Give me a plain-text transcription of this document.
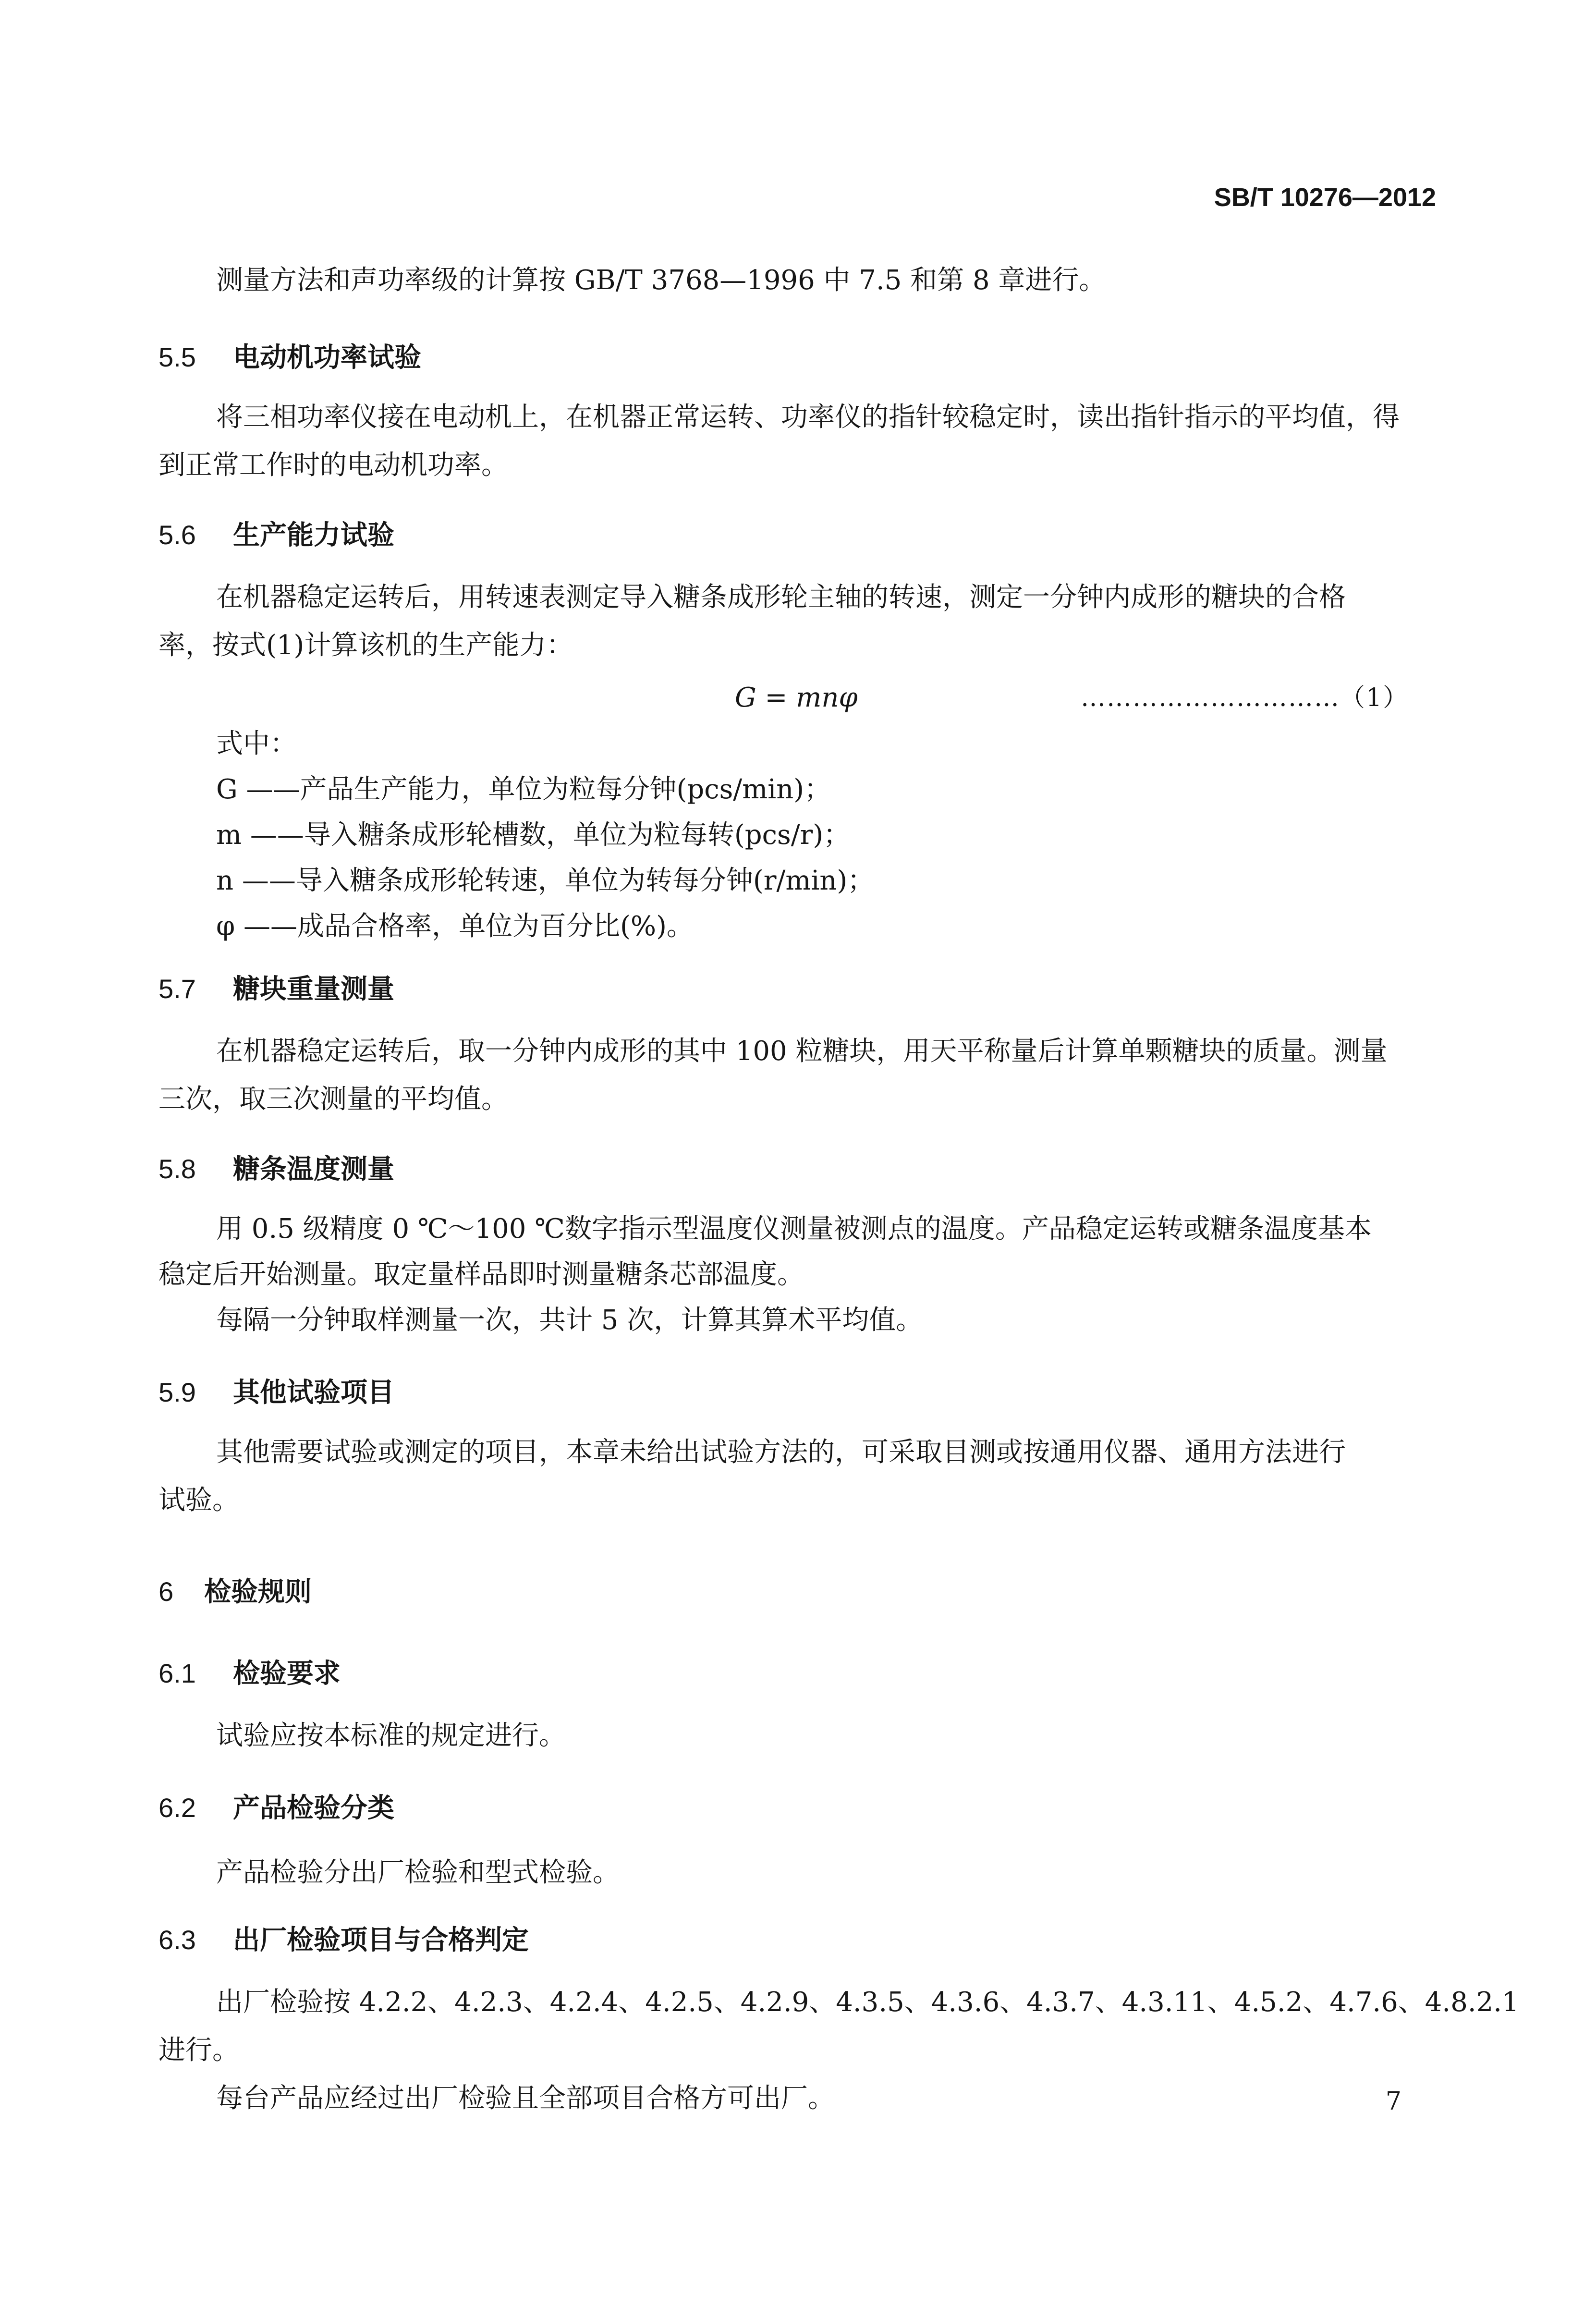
SB/T 10276—2012
测量方法和声功率级的计算按 GB/T 3768—1996 中 7.5 和第 8 章进行。
5.5 电动机功率试验
将三相功率仪接在电动机上，在机器正常运转、功率仪的指针较稳定时，读出指针指示的平均值，得
到正常工作时的电动机功率。
5.6 生产能力试验
在机器稳定运转后，用转速表测定导入糖条成形轮主轴的转速，测定一分钟内成形的糖块的合格
率，按式(1)计算该机的生产能力：
G = mnφ	…………………………（1）
式中：
G ——产品生产能力，单位为粒每分钟(pcs/min)；
m ——导入糖条成形轮槽数，单位为粒每转(pcs/r)；
n ——导入糖条成形轮转速，单位为转每分钟(r/min)；
φ ——成品合格率，单位为百分比(%)。
5.7 糖块重量测量
在机器稳定运转后，取一分钟内成形的其中 100 粒糖块，用天平称量后计算单颗糖块的质量。测量
三次，取三次测量的平均值。
5.8 糖条温度测量
用 0.5 级精度 0 ℃～100 ℃数字指示型温度仪测量被测点的温度。产品稳定运转或糖条温度基本
稳定后开始测量。取定量样品即时测量糖条芯部温度。
每隔一分钟取样测量一次，共计 5 次，计算其算术平均值。
5.9 其他试验项目
其他需要试验或测定的项目，本章未给出试验方法的，可采取目测或按通用仪器、通用方法进行
试验。
6 检验规则
6.1 检验要求
试验应按本标准的规定进行。
6.2 产品检验分类
产品检验分出厂检验和型式检验。
6.3 出厂检验项目与合格判定
出厂检验按 4.2.2、4.2.3、4.2.4、4.2.5、4.2.9、4.3.5、4.3.6、4.3.7、4.3.11、4.5.2、4.7.6、4.8.2.1
进行。
每台产品应经过出厂检验且全部项目合格方可出厂。	7
